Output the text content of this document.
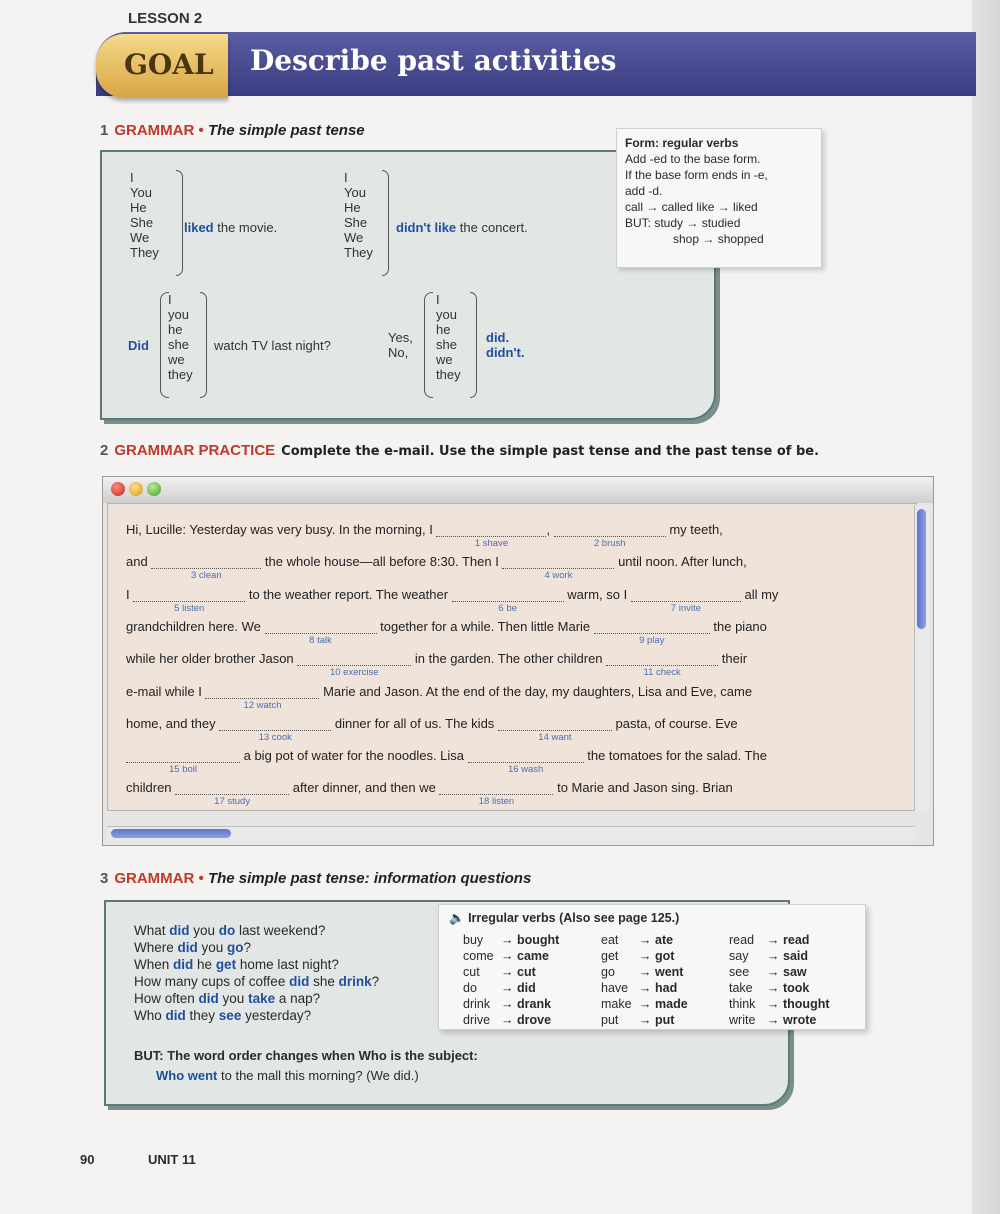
LESSON 2
GOAL Describe past activities
1 GRAMMAR • The simple past tense
I
You
He
She
We
They
liked the movie.
I
You
He
She
We
They
didn't like the concert.
Did
I
you
he
she
we
they
watch TV last night?
Yes,
No,
I
you
he
she
we
they
did.
didn't.
Form: regular verbs
Add -ed to the base form.
If the base form ends in -e,
add -d.
call → called like → liked
BUT: study → studied
shop → shopped
2 GRAMMAR PRACTICE Complete the e-mail. Use the simple past tense and the past tense of be.
Hi, Lucille: Yesterday was very busy. In the morning, I
1 shave
,
2 brush
my teeth,
and
3 clean
the whole house—all before 8:30. Then I
4 work
until noon. After lunch,
I
5 listen
to the weather report. The weather
6 be
warm, so I
7 invite
all my
grandchildren here. We
8 talk
together for a while. Then little Marie
9 play
the piano
while her older brother Jason
10 exercise
in the garden. The other children
11 check
their
e-mail while I
12 watch
Marie and Jason. At the end of the day, my daughters, Lisa and Eve, came
home, and they
13 cook
dinner for all of us. The kids
14 want
pasta, of course. Eve
15 boil
a big pot of water for the noodles. Lisa
16 wash
the tomatoes for the salad. The
children
17 study
after dinner, and then we
18 listen
to Marie and Jason sing. Brian
3 GRAMMAR • The simple past tense: information questions
What did you do last weekend?
Where did you go?
When did he get home last night?
How many cups of coffee did she drink?
How often did you take a nap?
Who did they see yesterday?
BUT: The word order changes when Who is the subject:
Who went to the mall this morning? (We did.)
🔈 Irregular verbs (Also see page 125.)
buy → bought
come → came
cut → cut
do → did
drink → drank
drive → drove
eat → ate
get → got
go → went
have → had
make → made
put → put
read → read
say → said
see → saw
take → took
think → thought
write → wrote
90	UNIT 11
